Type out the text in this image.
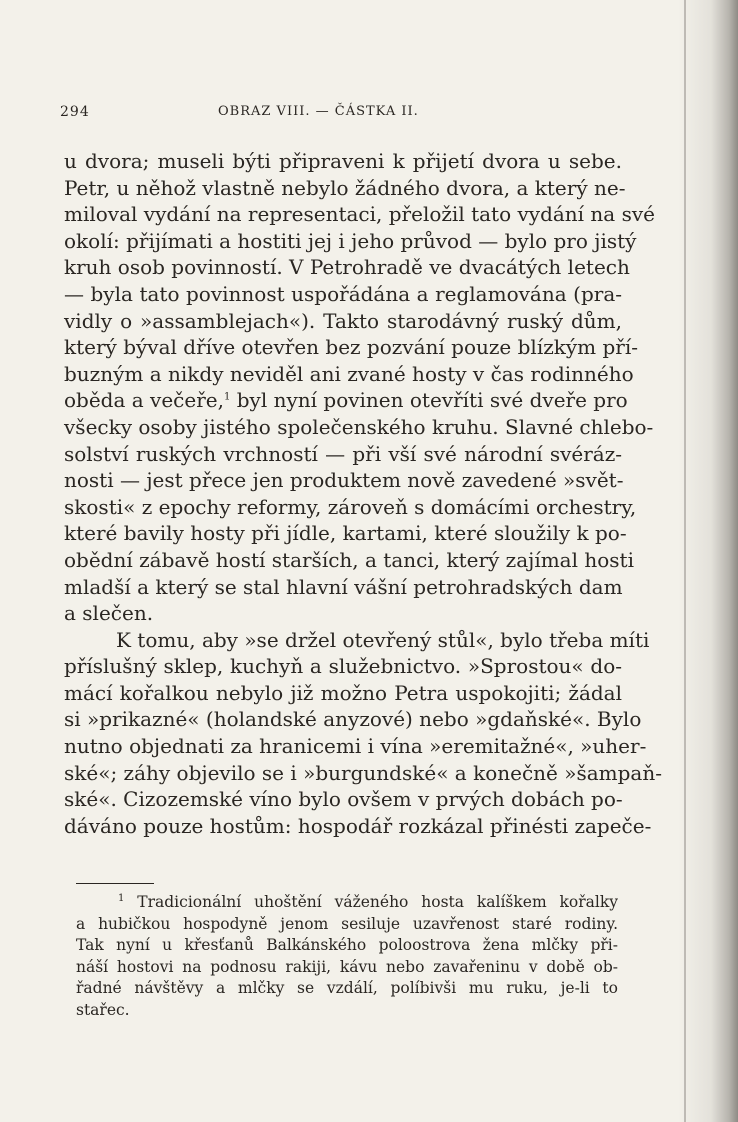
294	OBRAZ VIII. — ČÁSTKA II.
u dvora; museli býti připraveni k přijetí dvora u sebe.
Petr, u něhož vlastně nebylo žádného dvora, a který ne-
miloval vydání na representaci, přeložil tato vydání na své
okolí: přijímati a hostiti jej i jeho průvod — bylo pro jistý
kruh osob povinností. V Petrohradě ve dvacátých letech
— byla tato povinnost uspořádána a reglamována (pra-
vidly o »assamblejach«). Takto starodávný ruský dům,
který býval dříve otevřen bez pozvání pouze blízkým pří-
buzným a nikdy neviděl ani zvané hosty v čas rodinného
oběda a večeře,$^1$ byl nyní povinen otevříti své dveře pro
všecky osoby jistého společenského kruhu. Slavné chlebo-
solství ruských vrchností — při vší své národní svéráz-
nosti — jest přece jen produktem nově zavedené »svět-
skosti« z epochy reformy, zároveň s domácími orchestry,
které bavily hosty při jídle, kartami, které sloužily k po-
obědní zábavě hostí starších, a tanci, který zajímal hosti
mladší a který se stal hlavní vášní petrohradských dam
a slečen.
K tomu, aby »se držel otevřený stůl«, bylo třeba míti
příslušný sklep, kuchyň a služebnictvo. »Sprostou« do-
mácí kořalkou nebylo již možno Petra uspokojiti; žádal
si »prikazné« (holandské anyzové) nebo »gdaňské«. Bylo
nutno objednati za hranicemi i vína »eremitažné«, »uher-
ské«; záhy objevilo se i »burgundské« a konečně »šampaň-
ské«. Cizozemské víno bylo ovšem v prvých dobách po-
dáváno pouze hostům: hospodář rozkázal přinésti zapeče-
$^1$ Tradicionální uhoštění váženého hosta kalíškem kořalky
a hubičkou hospodyně jenom sesiluje uzavřenost staré rodiny.
Tak nyní u křesťanů Balkánského poloostrova žena mlčky při-
náší hostovi na podnosu rakiji, kávu nebo zavařeninu v době ob-
řadné návštěvy a mlčky se vzdálí, políbivši mu ruku, je-li to
stařec.
